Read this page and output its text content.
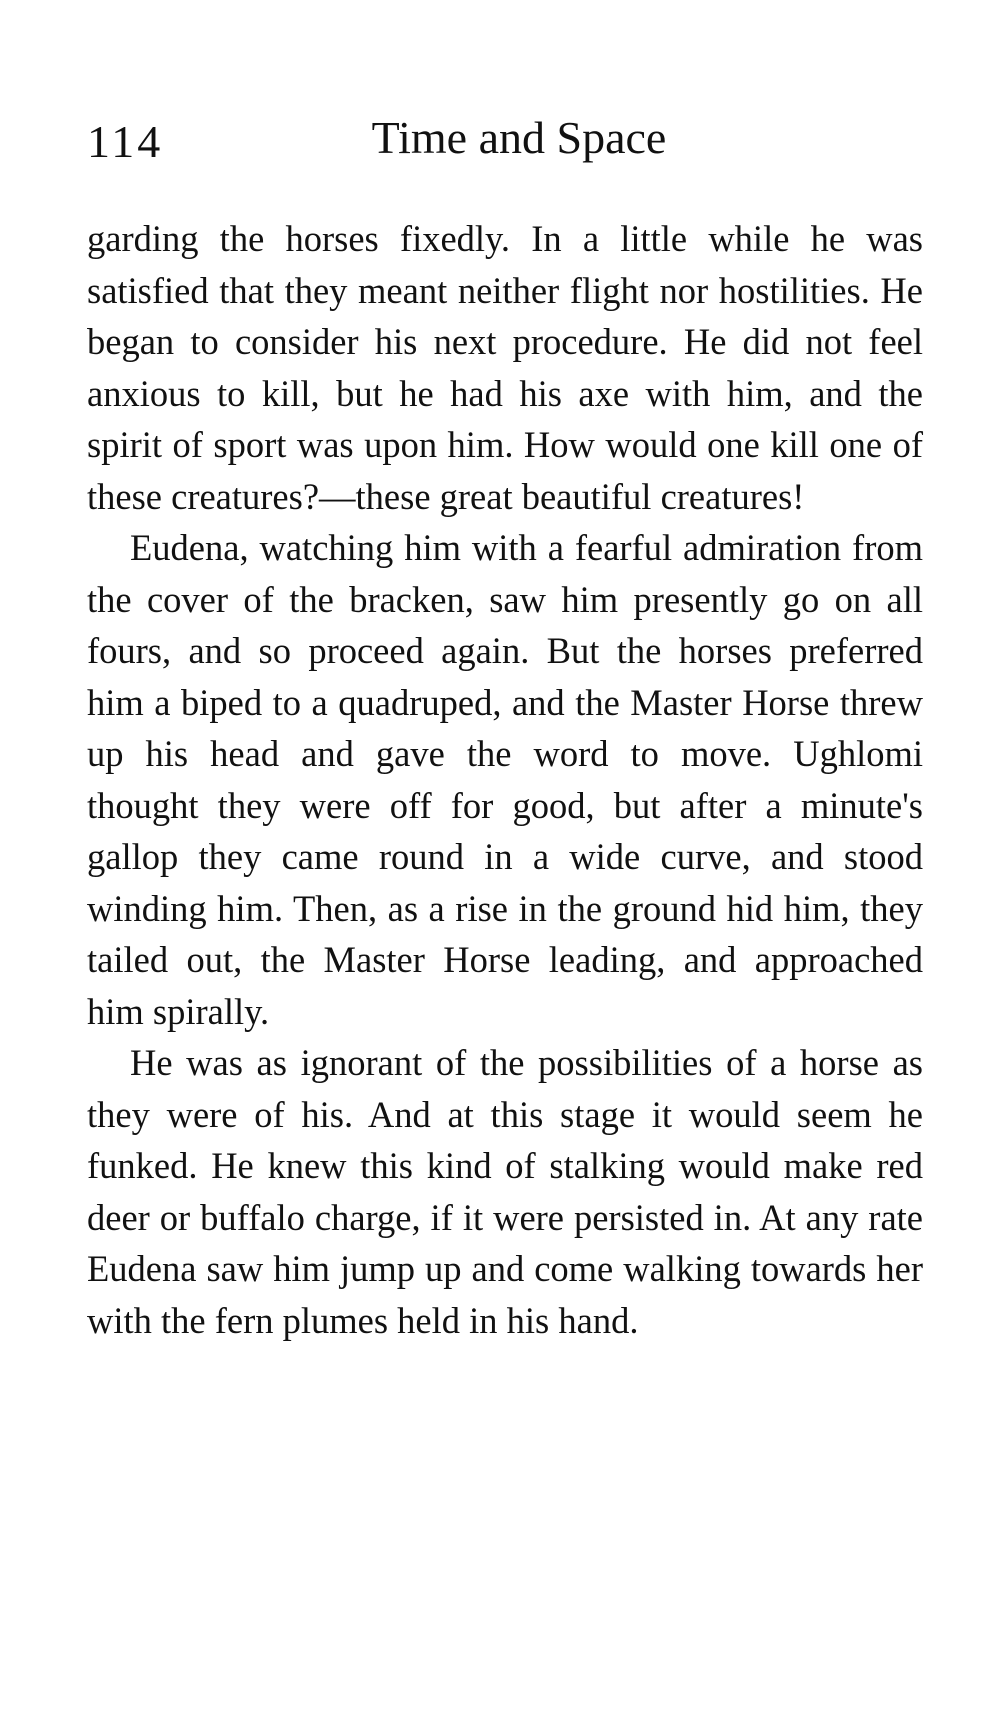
114	Time and Space

garding the horses fixedly. In a little while he was satisfied that they meant neither flight nor hostilities. He began to consider his next procedure. He did not feel anxious to kill, but he had his axe with him, and the spirit of sport was upon him. How would one kill one of these creatures?—these great beautiful creatures!

Eudena, watching him with a fearful admiration from the cover of the bracken, saw him presently go on all fours, and so proceed again. But the horses preferred him a biped to a quadruped, and the Master Horse threw up his head and gave the word to move. Ughlomi thought they were off for good, but after a minute's gallop they came round in a wide curve, and stood winding him. Then, as a rise in the ground hid him, they tailed out, the Master Horse leading, and approached him spirally.

He was as ignorant of the possibilities of a horse as they were of his. And at this stage it would seem he funked. He knew this kind of stalking would make red deer or buffalo charge, if it were persisted in. At any rate Eudena saw him jump up and come walking towards her with the fern plumes held in his hand.
